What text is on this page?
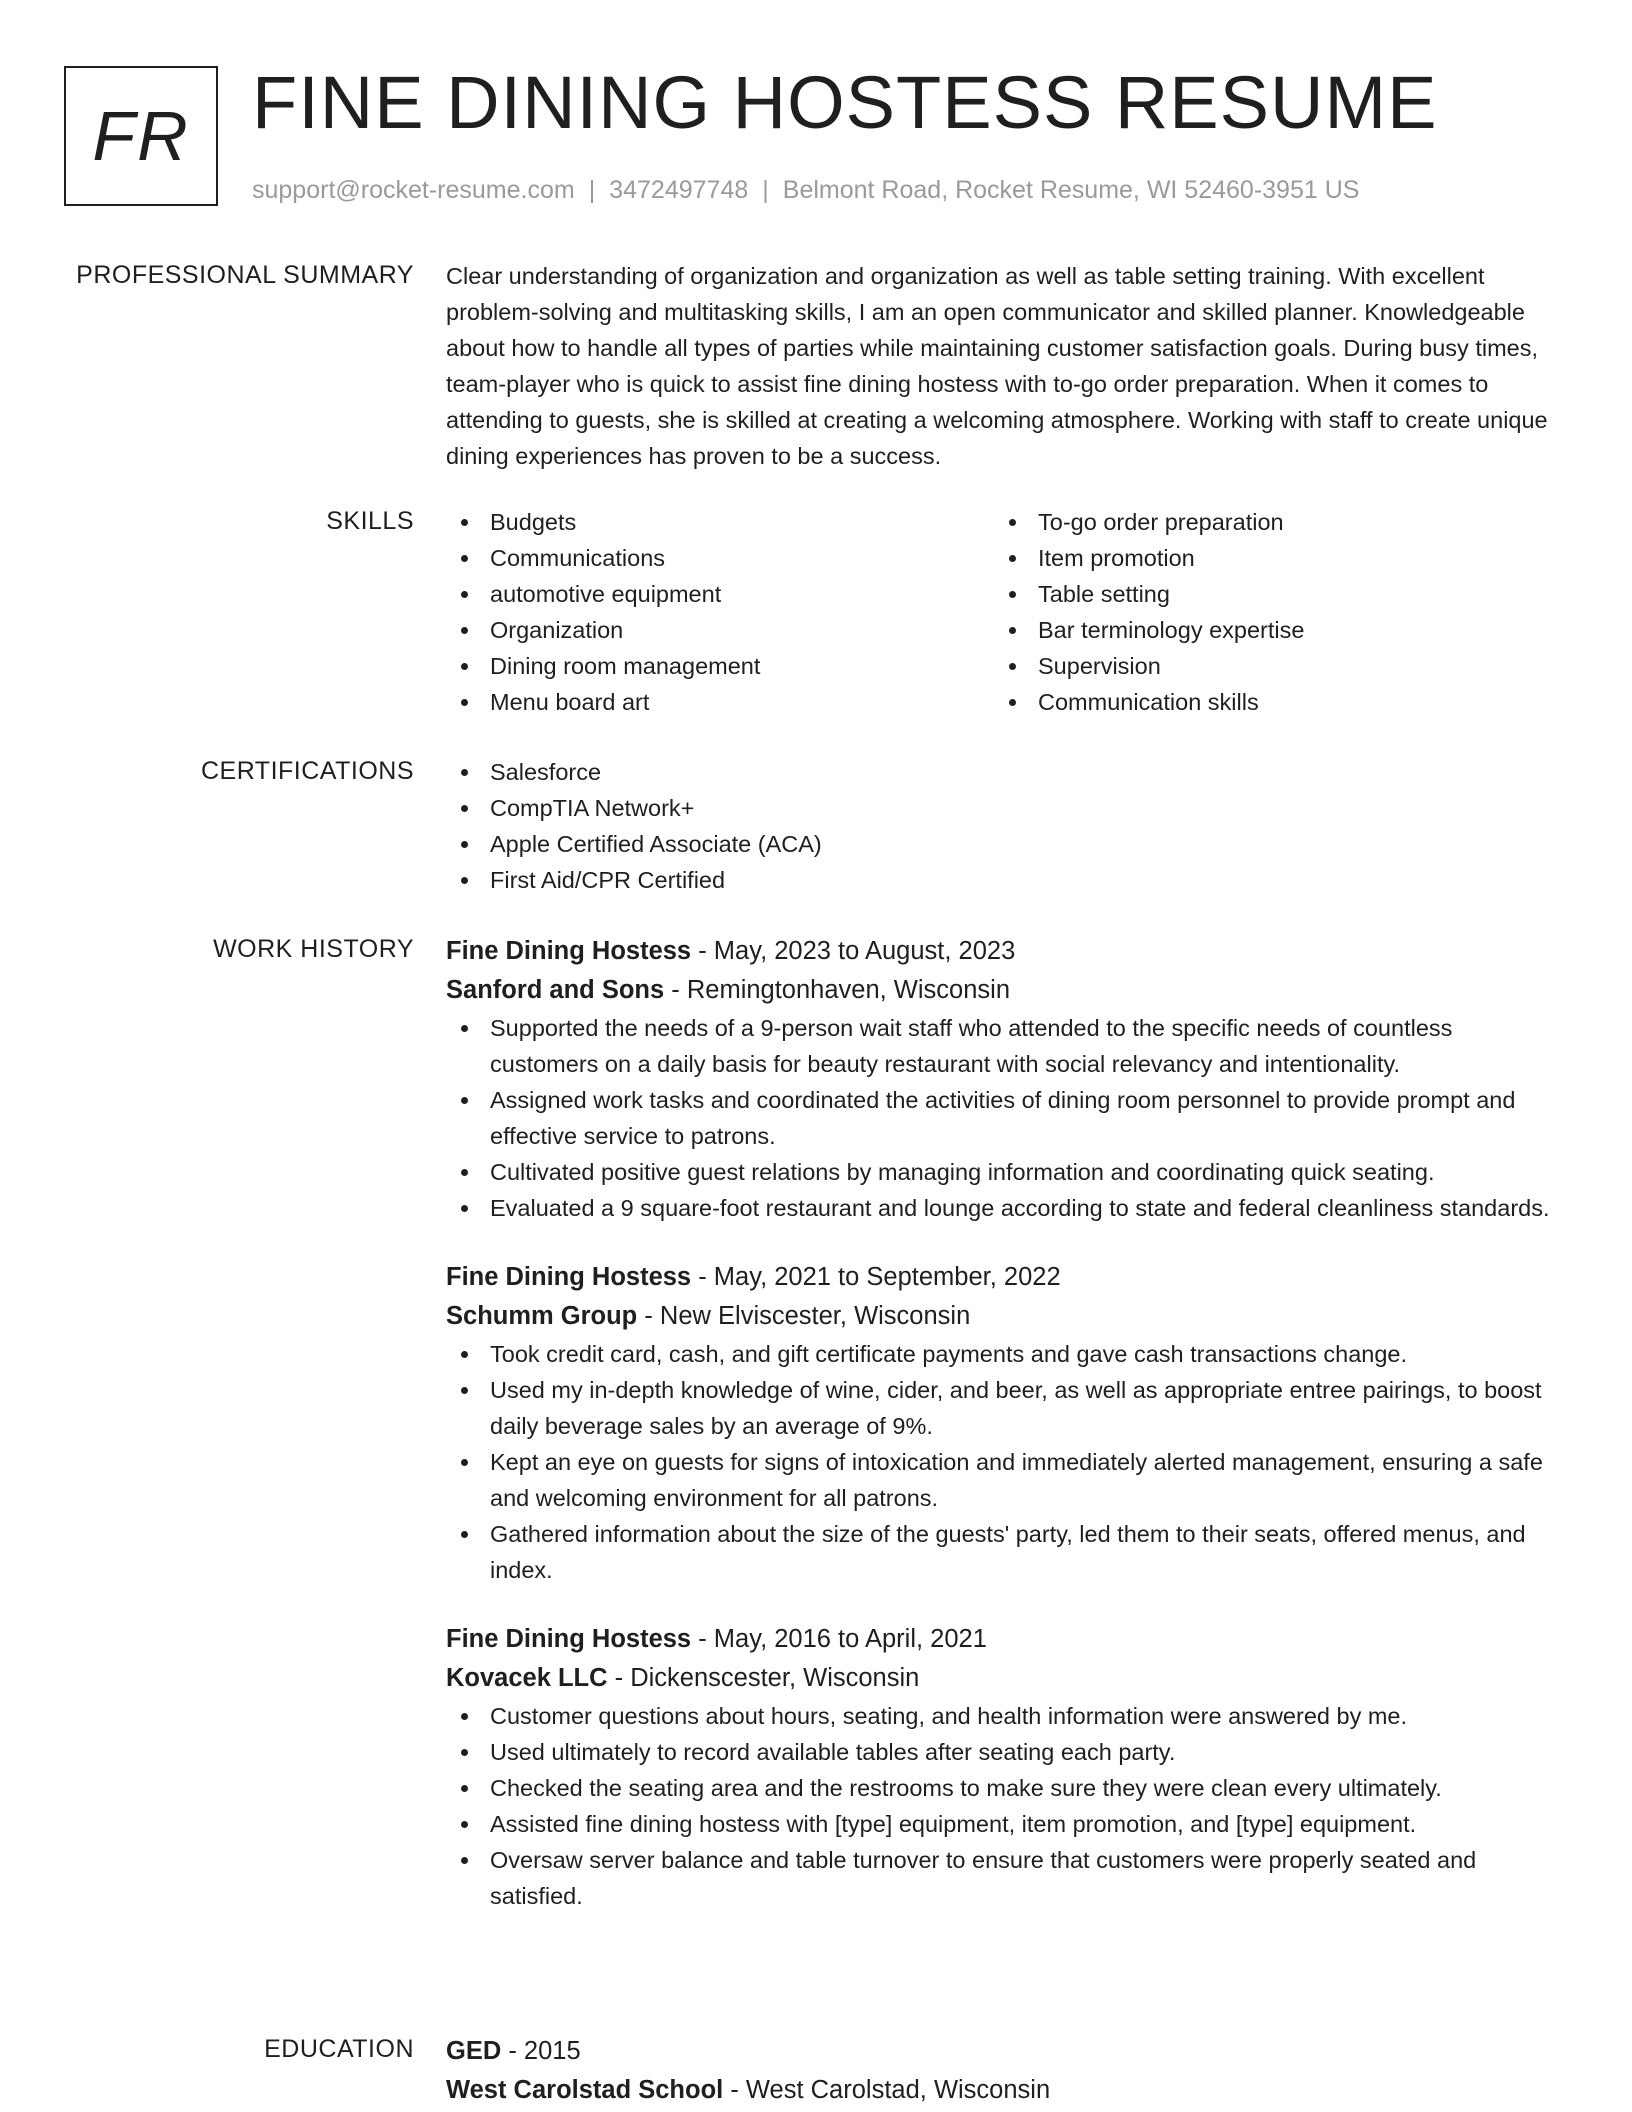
FR FINE DINING HOSTESS RESUME
support@rocket-resume.com | 3472497748 | Belmont Road, Rocket Resume, WI 52460-3951 US
PROFESSIONAL SUMMARY Clear understanding of organization and organization as well as table setting training. With excellent problem-solving and multitasking skills, I am an open communicator and skilled planner. Knowledgeable about how to handle all types of parties while maintaining customer satisfaction goals. During busy times, team-player who is quick to assist fine dining hostess with to-go order preparation. When it comes to attending to guests, she is skilled at creating a welcoming atmosphere. Working with staff to create unique dining experiences has proven to be a success.
SKILLS	Budgets
Communications
automotive equipment
Organization
Dining room management
Menu board art
To-go order preparation
Item promotion
Table setting
Bar terminology expertise
Supervision
Communication skills
CERTIFICATIONS	Salesforce
CompTIA Network+
Apple Certified Associate (ACA)
First Aid/CPR Certified
WORK HISTORY Fine Dining Hostess - May, 2023 to August, 2023
Sanford and Sons - Remingtonhaven, Wisconsin
Supported the needs of a 9-person wait staff who attended to the specific needs of countless customers on a daily basis for beauty restaurant with social relevancy and intentionality.
Assigned work tasks and coordinated the activities of dining room personnel to provide prompt and effective service to patrons.
Cultivated positive guest relations by managing information and coordinating quick seating.
Evaluated a 9 square-foot restaurant and lounge according to state and federal cleanliness standards.
Fine Dining Hostess - May, 2021 to September, 2022
Schumm Group - New Elviscester, Wisconsin
Took credit card, cash, and gift certificate payments and gave cash transactions change.
Used my in-depth knowledge of wine, cider, and beer, as well as appropriate entree pairings, to boost daily beverage sales by an average of 9%.
Kept an eye on guests for signs of intoxication and immediately alerted management, ensuring a safe and welcoming environment for all patrons.
Gathered information about the size of the guests' party, led them to their seats, offered menus, and index.
Fine Dining Hostess - May, 2016 to April, 2021
Kovacek LLC - Dickenscester, Wisconsin
Customer questions about hours, seating, and health information were answered by me.
Used ultimately to record available tables after seating each party.
Checked the seating area and the restrooms to make sure they were clean every ultimately.
Assisted fine dining hostess with [type] equipment, item promotion, and [type] equipment.
Oversaw server balance and table turnover to ensure that customers were properly seated and satisfied.
EDUCATION GED - 2015
West Carolstad School - West Carolstad, Wisconsin
